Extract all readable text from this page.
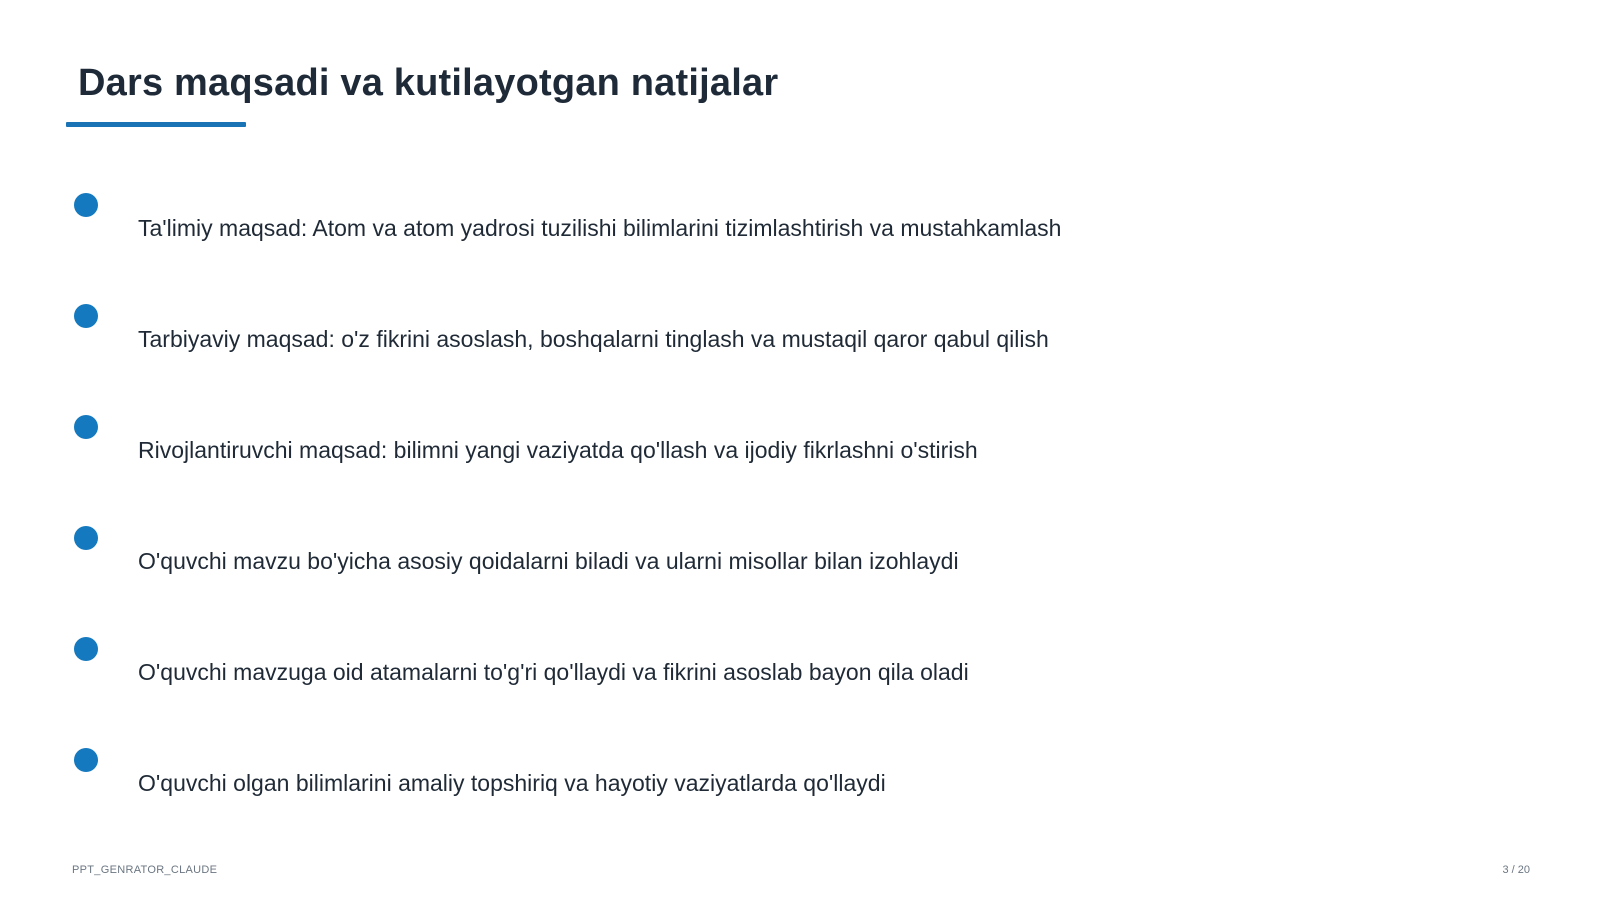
Dars maqsadi va kutilayotgan natijalar
Ta'limiy maqsad: Atom va atom yadrosi tuzilishi bilimlarini tizimlashtirish va mustahkamlash
Tarbiyaviy maqsad: o'z fikrini asoslash, boshqalarni tinglash va mustaqil qaror qabul qilish
Rivojlantiruvchi maqsad: bilimni yangi vaziyatda qo'llash va ijodiy fikrlashni o'stirish
O'quvchi mavzu bo'yicha asosiy qoidalarni biladi va ularni misollar bilan izohlaydi
O'quvchi mavzuga oid atamalarni to'g'ri qo'llaydi va fikrini asoslab bayon qila oladi
O'quvchi olgan bilimlarini amaliy topshiriq va hayotiy vaziyatlarda qo'llaydi
PPT_GENRATOR_CLAUDE	3 / 20
